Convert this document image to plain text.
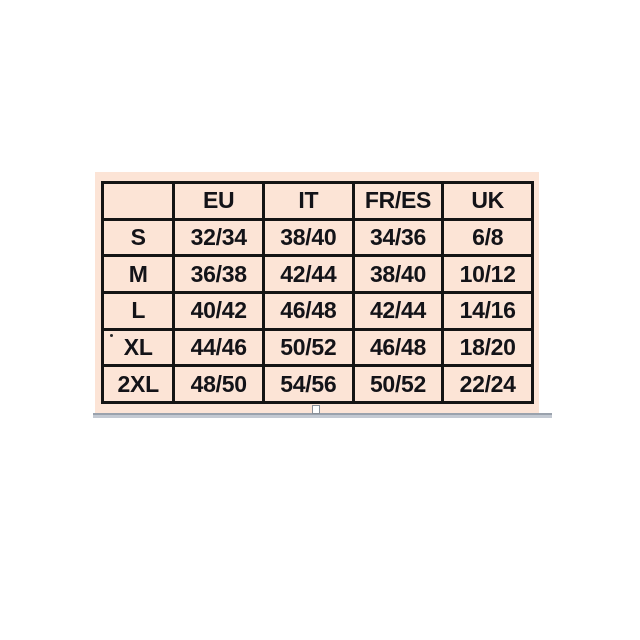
	EU	IT	FR/ES	UK
S	32/34	38/40	34/36	6/8
M	36/38	42/44	38/40	10/12
L	40/42	46/48	42/44	14/16
XL	44/46	50/52	46/48	18/20
2XL	48/50	54/56	50/52	22/24
